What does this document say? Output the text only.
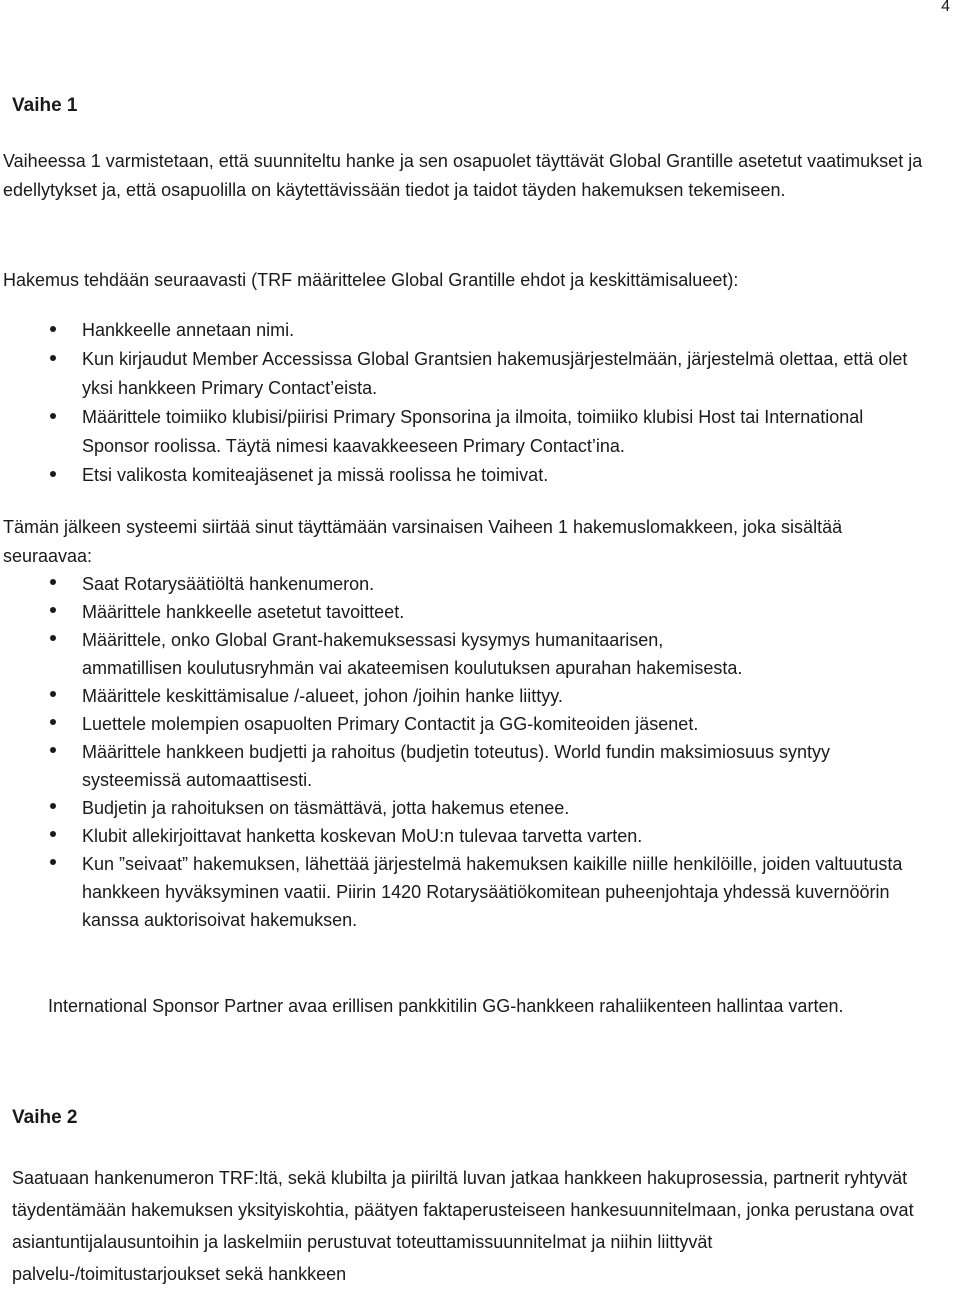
4
Vaihe 1
Vaiheessa 1 varmistetaan, että suunniteltu hanke ja sen osapuolet täyttävät Global Grantille asetetut vaatimukset ja edellytykset ja, että osapuolilla on käytettävissään tiedot ja taidot täyden hakemuksen tekemiseen.
Hakemus tehdään seuraavasti (TRF määrittelee Global Grantille ehdot ja keskittämisalueet):
Hankkeelle annetaan nimi.
Kun kirjaudut Member Accessissa Global Grantsien hakemusjärjestelmään, järjestelmä olettaa, että olet yksi hankkeen Primary Contact’eista.
Määrittele toimiiko klubisi/piirisi Primary Sponsorina ja ilmoita, toimiiko klubisi Host tai International Sponsor roolissa. Täytä nimesi kaavakkeeseen Primary Contact’ina.
Etsi valikosta komiteajäsenet ja missä roolissa he toimivat.
Tämän jälkeen systeemi siirtää sinut täyttämään varsinaisen Vaiheen 1 hakemuslomakkeen, joka sisältää seuraavaa:
Saat Rotarysäätiöltä hankenumeron.
Määrittele hankkeelle asetetut tavoitteet.
Määrittele, onko Global Grant-hakemuksessasi kysymys humanitaarisen, ammatillisen koulutusryhmän vai akateemisen koulutuksen apurahan hakemisesta.
Määrittele keskittämisalue /-alueet, johon /joihin hanke liittyy.
Luettele molempien osapuolten Primary Contactit ja GG-komiteoiden jäsenet.
Määrittele hankkeen budjetti ja rahoitus (budjetin toteutus). World fundin maksimiosuus syntyy systeemissä automaattisesti.
Budjetin ja rahoituksen on täsmättävä, jotta hakemus etenee.
Klubit allekirjoittavat hanketta koskevan MoU:n tulevaa tarvetta varten.
Kun ”seivaat” hakemuksen, lähettää järjestelmä hakemuksen kaikille niille henkilöille, joiden valtuutusta hankkeen hyväksyminen vaatii. Piirin 1420 Rotarysäätiökomitean puheenjohtaja yhdessä kuvernöörin kanssa auktorisoivat hakemuksen.
International Sponsor Partner avaa erillisen pankkitilin GG-hankkeen rahaliikenteen hallintaa varten.
Vaihe 2
Saatuaan hankenumeron TRF:ltä, sekä klubilta ja piiriltä luvan jatkaa hankkeen hakuprosessia, partnerit ryhtyvät täydentämään hakemuksen yksityiskohtia, päätyen faktaperusteiseen hankesuunnitelmaan, jonka perustana ovat asiantuntijalausuntoihin ja laskelmiin perustuvat toteuttamissuunnitelmat ja niihin liittyvät palvelu-/toimitustarjoukset sekä hankkeen
